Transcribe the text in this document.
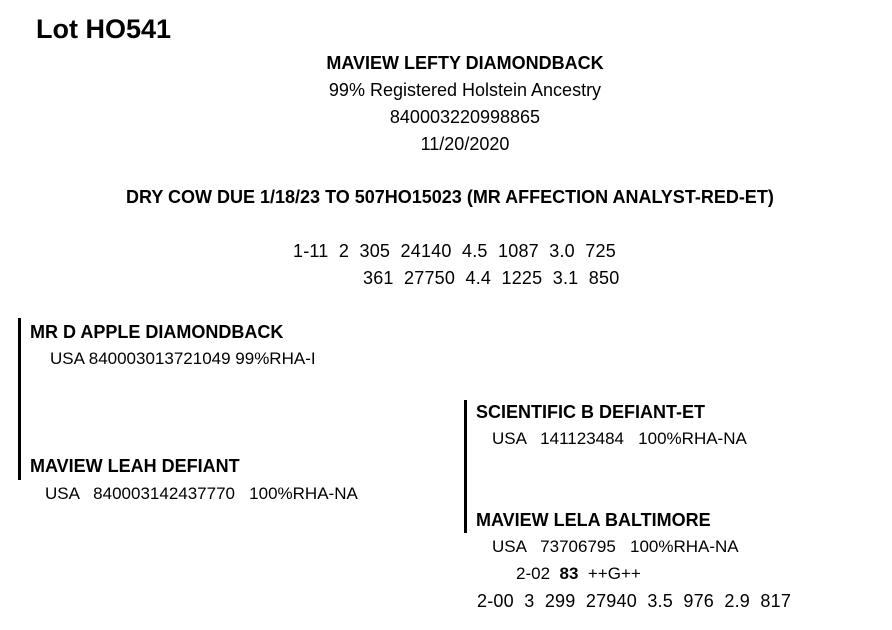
Lot HO541
MAVIEW LEFTY DIAMONDBACK
99% Registered Holstein Ancestry
840003220998865
11/20/2020
DRY COW DUE 1/18/23 TO 507HO15023 (MR AFFECTION ANALYST-RED-ET)
1-11  2  305  24140  4.5  1087  3.0  725
361  27750  4.4  1225  3.1  850
MR D APPLE DIAMONDBACK
USA 840003013721049 99%RHA-I
MAVIEW LEAH DEFIANT
USA   840003142437770   100%RHA-NA
SCIENTIFIC B DEFIANT-ET
USA   141123484   100%RHA-NA
MAVIEW LELA BALTIMORE
USA   73706795   100%RHA-NA
2-02 83 ++G++
2-00  3  299  27940  3.5  976  2.9  817
